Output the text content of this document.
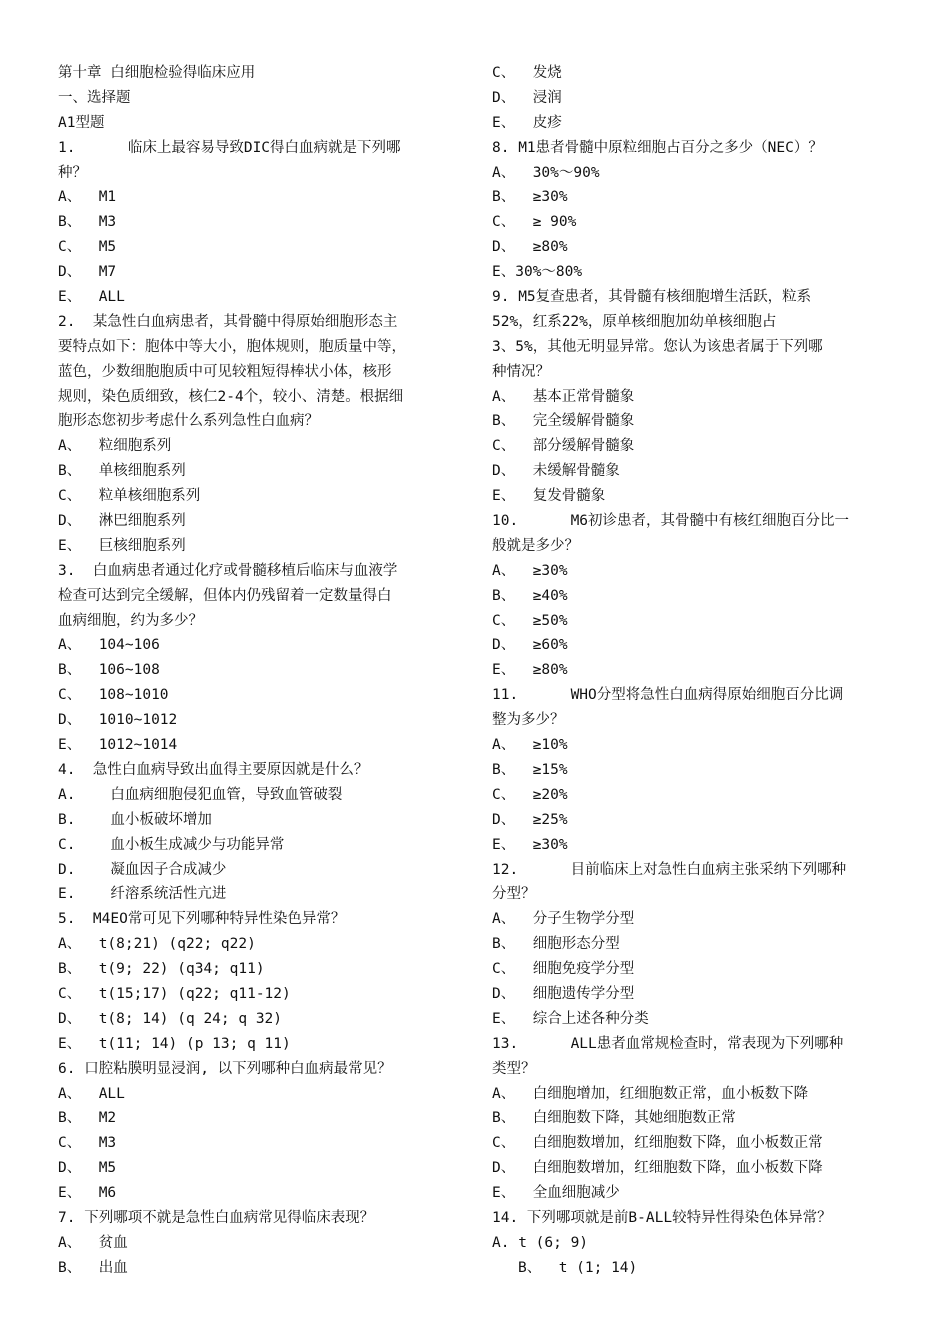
第十章 白细胞检验得临床应用
一、选择题
A1型题
1.      临床上最容易导致DIC得白血病就是下列哪
种？
A、  M1
B、  M3
C、  M5
D、  M7
E、  ALL
2.  某急性白血病患者，其骨髓中得原始细胞形态主
要特点如下：胞体中等大小，胞体规则，胞质量中等，
蓝色，少数细胞胞质中可见较粗短得棒状小体，核形
规则，染色质细致，核仁2-4个，较小、清楚。根据细
胞形态您初步考虑什么系列急性白血病？
A、  粒细胞系列
B、  单核细胞系列
C、  粒单核细胞系列
D、  淋巴细胞系列
E、  巨核细胞系列
3.  白血病患者通过化疗或骨髓移植后临床与血液学
检查可达到完全缓解，但体内仍残留着一定数量得白
血病细胞，约为多少？
A、  104~106
B、  106~108
C、  108~1010
D、  1010~1012
E、  1012~1014
4.  急性白血病导致出血得主要原因就是什么？
A.    白血病细胞侵犯血管，导致血管破裂
B.    血小板破坏增加
C.    血小板生成减少与功能异常
D.    凝血因子合成减少
E.    纤溶系统活性亢进
5.  M4EO常可见下列哪种特异性染色异常？
A、  t(8;21) (q22; q22)
B、  t(9; 22) (q34; q11)
C、  t(15;17) (q22; q11-12)
D、  t(8; 14) (q 24; q 32)
E、  t(11; 14) (p 13; q 11)
6. 口腔粘膜明显浸润, 以下列哪种白血病最常见？
A、  ALL
B、  M2
C、  M3
D、  M5
E、  M6
7. 下列哪项不就是急性白血病常见得临床表现？
A、  贫血
B、  出血
C、  发烧
D、  浸润
E、  皮疹
8. M1患者骨髓中原粒细胞占百分之多少（NEC）？
A、  30%～90%
B、  ≥30%
C、  ≥ 90%
D、  ≥80%
E、30%～80%
9. M5复查患者，其骨髓有核细胞增生活跃，粒系
52%，红系22%，原单核细胞加幼单核细胞占
3、5%，其他无明显异常。您认为该患者属于下列哪
种情况？
A、  基本正常骨髓象
B、  完全缓解骨髓象
C、  部分缓解骨髓象
D、  未缓解骨髓象
E、  复发骨髓象
10.      M6初诊患者，其骨髓中有核红细胞百分比一
般就是多少？
A、  ≥30%
B、  ≥40%
C、  ≥50%
D、  ≥60%
E、  ≥80%
11.      WHO分型将急性白血病得原始细胞百分比调
整为多少？
A、  ≥10%
B、  ≥15%
C、  ≥20%
D、  ≥25%
E、  ≥30%
12.      目前临床上对急性白血病主张采纳下列哪种
分型？
A、  分子生物学分型
B、  细胞形态分型
C、  细胞免疫学分型
D、  细胞遗传学分型
E、  综合上述各种分类
13.      ALL患者血常规检查时，常表现为下列哪种
类型？
A、  白细胞增加，红细胞数正常，血小板数下降
B、  白细胞数下降，其她细胞数正常
C、  白细胞数增加，红细胞数下降，血小板数正常
D、  白细胞数增加，红细胞数下降，血小板数下降
E、  全血细胞减少
14. 下列哪项就是前B-ALL较特异性得染色体异常？
A. t (6; 9)
B、  t (1; 14)
